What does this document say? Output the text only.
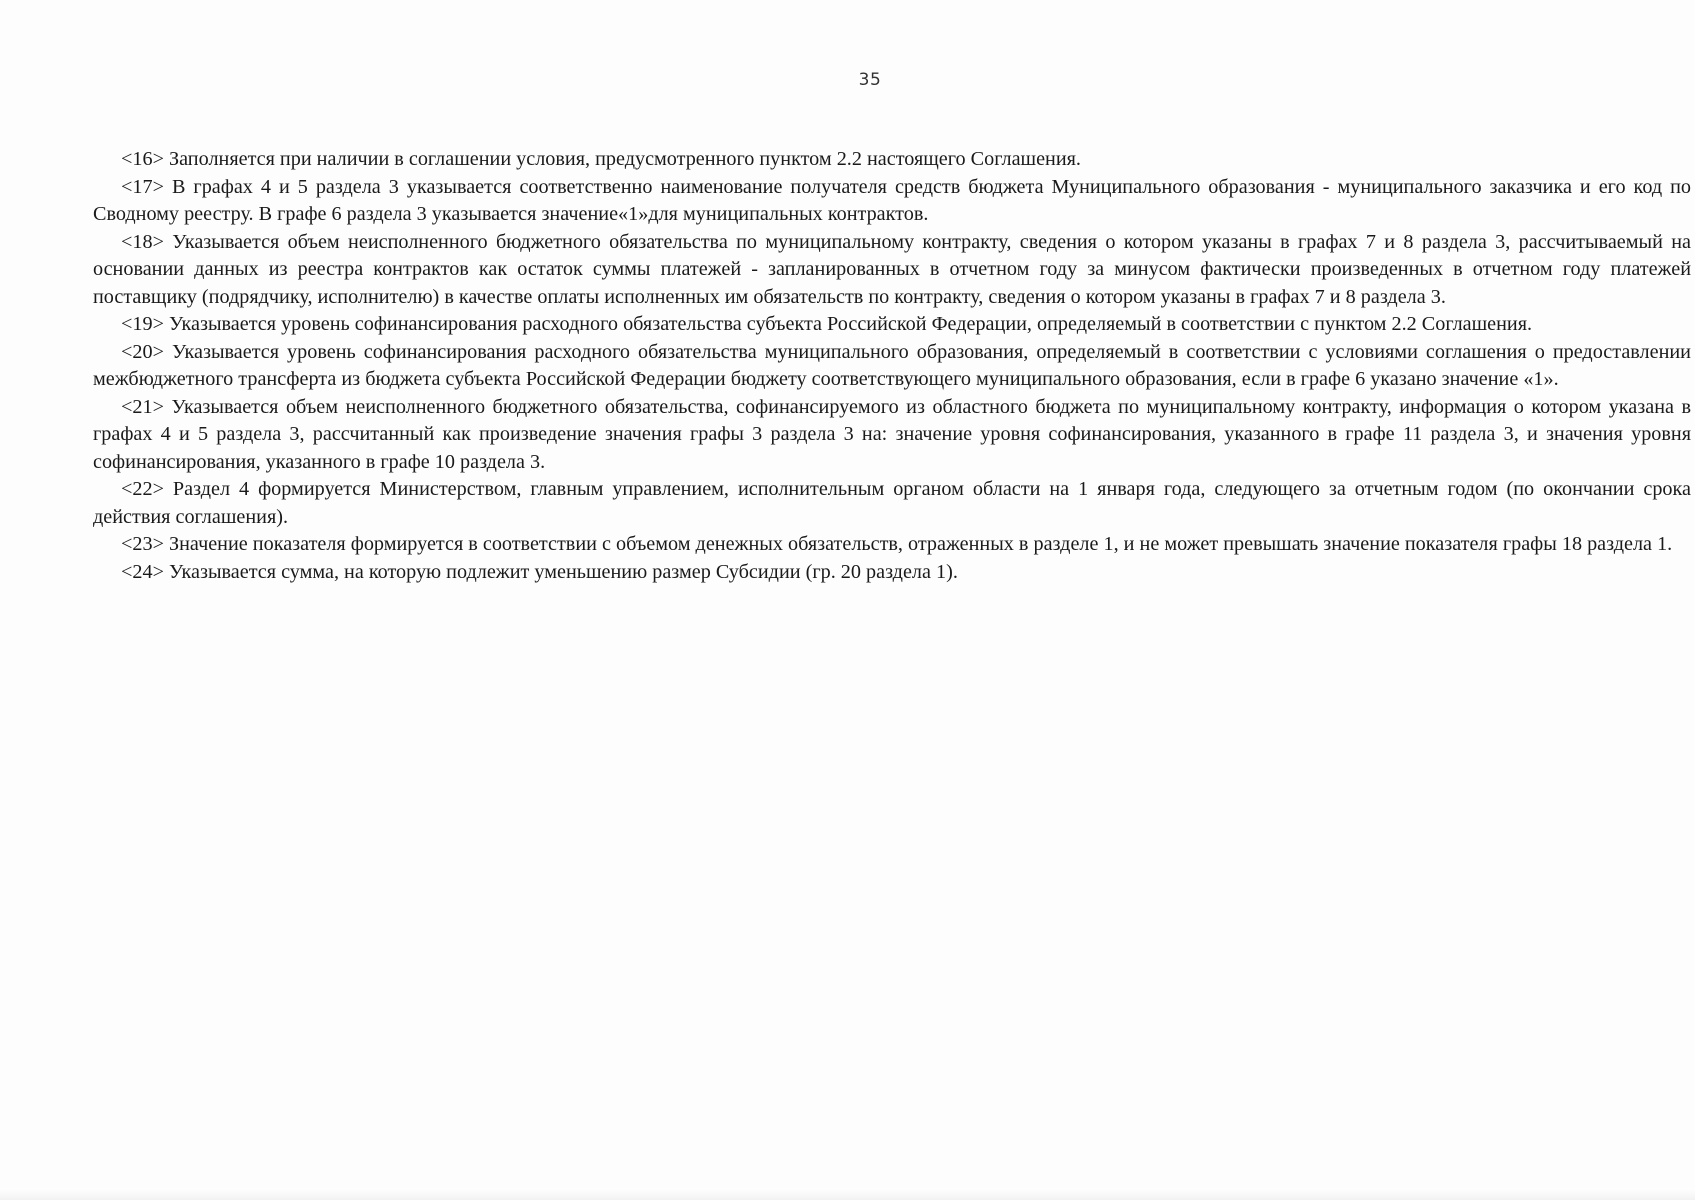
35

<16> Заполняется при наличии в соглашении условия, предусмотренного пунктом 2.2 настоящего Соглашения.

<17> В графах 4 и 5 раздела 3 указывается соответственно наименование получателя средств бюджета Муниципального образования - муниципального заказчика и его код по Сводному реестру. В графе 6 раздела 3 указывается значение«1»для муниципальных контрактов.

<18> Указывается объем неисполненного бюджетного обязательства по муниципальному контракту, сведения о котором указаны в графах 7 и 8 раздела 3, рассчитываемый на основании данных из реестра контрактов как остаток суммы платежей - запланированных в отчетном году за минусом фактически произведенных в отчетном году платежей поставщику (подрядчику, исполнителю) в качестве оплаты исполненных им обязательств по контракту, сведения о котором указаны в графах 7 и 8 раздела 3.

<19> Указывается уровень софинансирования расходного обязательства субъекта Российской Федерации, определяемый в соответствии с пунктом 2.2 Соглашения.

<20> Указывается уровень софинансирования расходного обязательства муниципального образования, определяемый в соответствии с условиями соглашения о предоставлении межбюджетного трансферта из бюджета субъекта Российской Федерации бюджету соответствующего муниципального образования, если в графе 6 указано значение «1».

<21> Указывается объем неисполненного бюджетного обязательства, софинансируемого из областного бюджета по муниципальному контракту, информация о котором указана в графах 4 и 5 раздела 3, рассчитанный как произведение значения графы 3 раздела 3 на: значение уровня софинансирования, указанного в графе 11 раздела 3, и значения уровня софинансирования, указанного в графе 10 раздела 3.

<22> Раздел 4 формируется Министерством, главным управлением, исполнительным органом области на 1 января года, следующего за отчетным годом (по окончании срока действия соглашения).

<23> Значение показателя формируется в соответствии с объемом денежных обязательств, отраженных в разделе 1, и не может превышать значение показателя графы 18 раздела 1.

<24> Указывается сумма, на которую подлежит уменьшению размер Субсидии (гр. 20 раздела 1).
